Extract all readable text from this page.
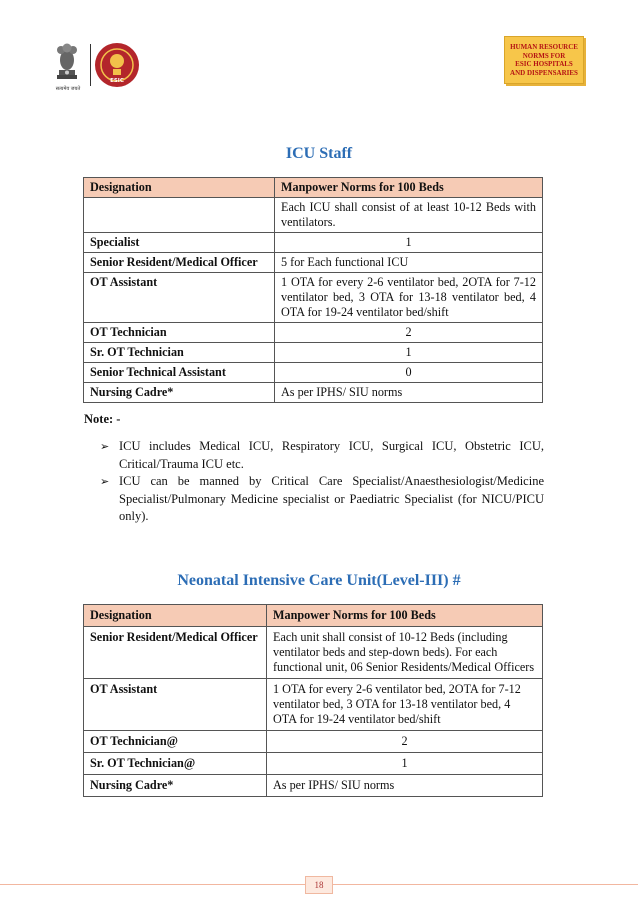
सत्यमेव जयते
ESIC
HUMAN RESOURCE
NORMS FOR
ESIC HOSPITALS
AND DISPENSARIES
ICU Staff
Designation	Manpower Norms for 100 Beds
	Each ICU shall consist of at least 10-12 Beds with ventilators.
Specialist	1
Senior Resident/Medical Officer	5 for Each functional ICU
OT Assistant	1 OTA for every 2-6 ventilator bed, 2OTA for 7-12 ventilator bed, 3 OTA for 13-18 ventilator bed, 4 OTA for 19-24 ventilator bed/shift
OT Technician	2
Sr. OT Technician	1
Senior Technical Assistant	0
Nursing Cadre*	As per IPHS/ SIU norms
Note: -
➢ ICU includes Medical ICU, Respiratory ICU, Surgical ICU, Obstetric ICU, Critical/Trauma ICU etc.
➢ ICU can be manned by Critical Care Specialist/Anaesthesiologist/Medicine Specialist/Pulmonary Medicine specialist or Paediatric Specialist (for NICU/PICU only).
Neonatal Intensive Care Unit(Level-III) #
Designation	Manpower Norms for 100 Beds
Senior Resident/Medical Officer	Each unit shall consist of 10-12 Beds (including ventilator beds and step-down beds). For each functional unit, 06 Senior Residents/Medical Officers
OT Assistant	1 OTA for every 2-6 ventilator bed, 2OTA for 7-12 ventilator bed, 3 OTA for 13-18 ventilator bed, 4 OTA for 19-24 ventilator bed/shift
OT Technician@	2
Sr. OT Technician@	1
Nursing Cadre*	As per IPHS/ SIU norms
18
